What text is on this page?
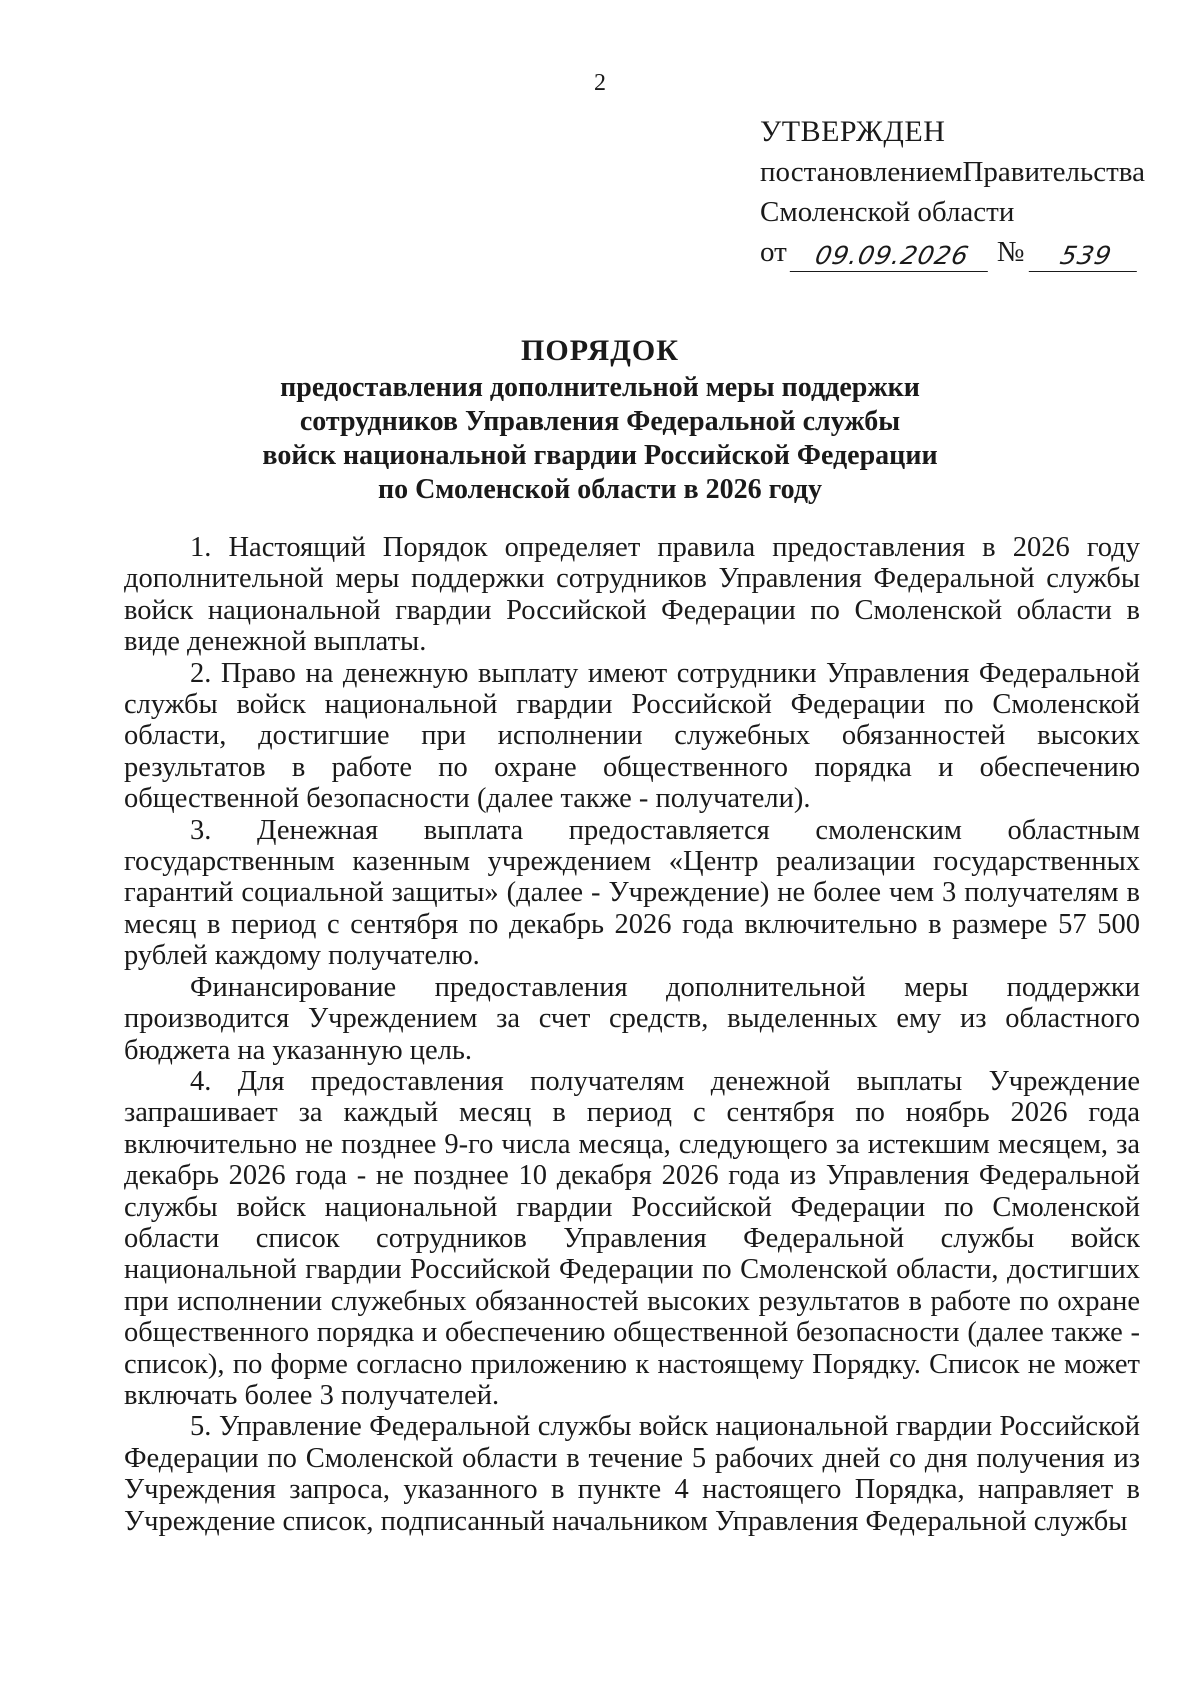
2
УТВЕРЖДЕН
постановлением Правительства
Смоленской области
от	09.09.2026 №	539
ПОРЯДОК
предоставления дополнительной меры поддержки
сотрудников Управления Федеральной службы
войск национальной гвардии Российской Федерации
по Смоленской области в 2026 году

1. Настоящий Порядок определяет правила предоставления в 2026 году дополнительной меры поддержки сотрудников Управления Федеральной службы войск национальной гвардии Российской Федерации по Смоленской области в виде денежной выплаты.

2. Право на денежную выплату имеют сотрудники Управления Федеральной службы войск национальной гвардии Российской Федерации по Смоленской области, достигшие при исполнении служебных обязанностей высоких результатов в работе по охране общественного порядка и обеспечению общественной безопасности (далее также - получатели).

3. Денежная выплата предоставляется смоленским областным государственным казенным учреждением «Центр реализации государственных гарантий социальной защиты» (далее - Учреждение) не более чем 3 получателям в месяц в период с сентября по декабрь 2026 года включительно в размере 57 500 рублей каждому получателю.

Финансирование предоставления дополнительной меры поддержки производится Учреждением за счет средств, выделенных ему из областного бюджета на указанную цель.

4. Для предоставления получателям денежной выплаты Учреждение запрашивает за каждый месяц в период с сентября по ноябрь 2026 года включительно не позднее 9-го числа месяца, следующего за истекшим месяцем, за декабрь 2026 года - не позднее 10 декабря 2026 года из Управления Федеральной службы войск национальной гвардии Российской Федерации по Смоленской области список сотрудников Управления Федеральной службы войск национальной гвардии Российской Федерации по Смоленской области, достигших при исполнении служебных обязанностей высоких результатов в работе по охране общественного порядка и обеспечению общественной безопасности (далее также - список), по форме согласно приложению к настоящему Порядку. Список не может включать более 3 получателей.

5. Управление Федеральной службы войск национальной гвардии Российской Федерации по Смоленской области в течение 5 рабочих дней со дня получения из Учреждения запроса, указанного в пункте 4 настоящего Порядка, направляет в Учреждение список, подписанный начальником Управления Федеральной службы
